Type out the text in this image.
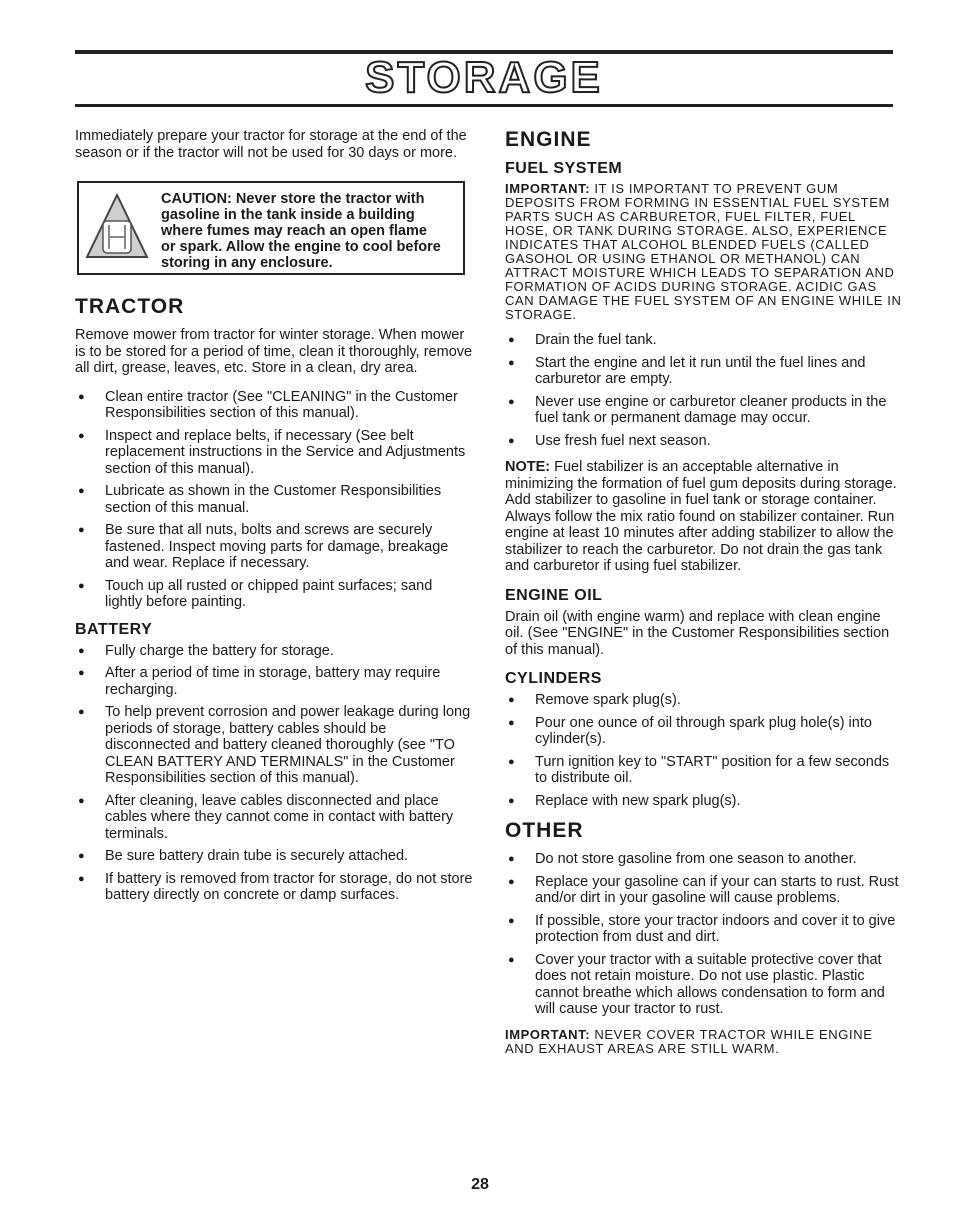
STORAGE

Immediately prepare your tractor for storage at the end of the season or if the tractor will not be used for 30 days or more.

CAUTION: Never store the tractor with gasoline in the tank inside a building where fumes may reach an open flame or spark. Allow the engine to cool before storing in any enclosure.
TRACTOR

Remove mower from tractor for winter storage. When mower is to be stored for a period of time, clean it thoroughly, remove all dirt, grease, leaves, etc. Store in a clean, dry area.

● Clean entire tractor (See "CLEANING" in the Customer Responsibilities section of this manual).
● Inspect and replace belts, if necessary (See belt replacement instructions in the Service and Adjustments section of this manual).
● Lubricate as shown in the Customer Responsibilities section of this manual.
● Be sure that all nuts, bolts and screws are securely fastened. Inspect moving parts for damage, breakage and wear. Replace if necessary.
● Touch up all rusted or chipped paint surfaces; sand lightly before painting.
BATTERY
● Fully charge the battery for storage.
● After a period of time in storage, battery may require recharging.
● To help prevent corrosion and power leakage during long periods of storage, battery cables should be disconnected and battery cleaned thoroughly (see "TO CLEAN BATTERY AND TERMINALS" in the Customer Responsibilities section of this manual).
● After cleaning, leave cables disconnected and place cables where they cannot come in contact with battery terminals.
● Be sure battery drain tube is securely attached.
● If battery is removed from tractor for storage, do not store battery directly on concrete or damp surfaces.
ENGINE
FUEL SYSTEM
IMPORTANT: IT IS IMPORTANT TO PREVENT GUM DEPOSITS FROM FORMING IN ESSENTIAL FUEL SYSTEM PARTS SUCH AS CARBURETOR, FUEL FILTER, FUEL HOSE, OR TANK DURING STORAGE. ALSO, EXPERIENCE INDICATES THAT ALCOHOL BLENDED FUELS (CALLED GASOHOL OR USING ETHANOL OR METHANOL) CAN ATTRACT MOISTURE WHICH LEADS TO SEPARATION AND FORMATION OF ACIDS DURING STORAGE. ACIDIC GAS CAN DAMAGE THE FUEL SYSTEM OF AN ENGINE WHILE IN STORAGE.
● Drain the fuel tank.
● Start the engine and let it run until the fuel lines and carburetor are empty.
● Never use engine or carburetor cleaner products in the fuel tank or permanent damage may occur.
● Use fresh fuel next season.

NOTE: Fuel stabilizer is an acceptable alternative in minimizing the formation of fuel gum deposits during storage. Add stabilizer to gasoline in fuel tank or storage container. Always follow the mix ratio found on stabilizer container. Run engine at least 10 minutes after adding stabilizer to allow the stabilizer to reach the carburetor. Do not drain the gas tank and carburetor if using fuel stabilizer.

ENGINE OIL

Drain oil (with engine warm) and replace with clean engine oil. (See "ENGINE" in the Customer Responsibilities section of this manual).

CYLINDERS
● Remove spark plug(s).
● Pour one ounce of oil through spark plug hole(s) into cylinder(s).
● Turn ignition key to "START" position for a few seconds to distribute oil.
● Replace with new spark plug(s).
OTHER
● Do not store gasoline from one season to another.
● Replace your gasoline can if your can starts to rust. Rust and/or dirt in your gasoline will cause problems.
● If possible, store your tractor indoors and cover it to give protection from dust and dirt.
● Cover your tractor with a suitable protective cover that does not retain moisture. Do not use plastic. Plastic cannot breathe which allows condensation to form and will cause your tractor to rust.
IMPORTANT: NEVER COVER TRACTOR WHILE ENGINE AND EXHAUST AREAS ARE STILL WARM.
28
